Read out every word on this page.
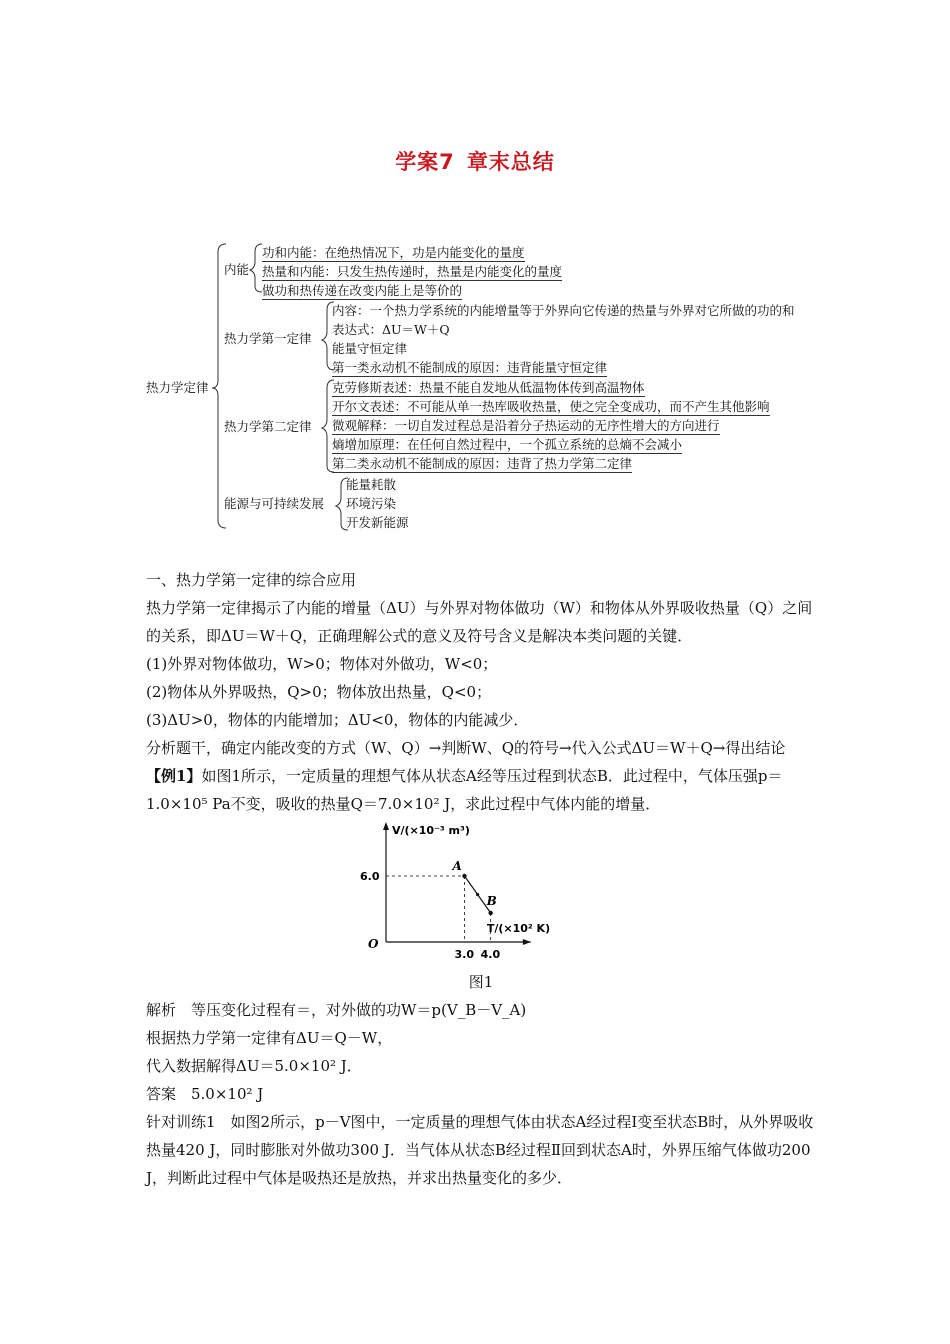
学案7 章末总结
热力学定律
内能
功和内能：在绝热情况下，功是内能变化的量度
热量和内能：只发生热传递时，热量是内能变化的量度
做功和热传递在改变内能上是等价的
热力学第一定律
内容：一个热力学系统的内能增量等于外界向它传递的热量与外界对它所做的功的和
表达式：ΔU＝W＋Q
能量守恒定律
第一类永动机不能制成的原因：违背能量守恒定律
热力学第二定律
克劳修斯表述：热量不能自发地从低温物体传到高温物体
开尔文表述：不可能从单一热库吸收热量，使之完全变成功，而不产生其他影响
微观解释：一切自发过程总是沿着分子热运动的无序性增大的方向进行
熵增加原理：在任何自然过程中，一个孤立系统的总熵不会减小
第二类永动机不能制成的原因：违背了热力学第二定律
能源与可持续发展
能量耗散
环境污染
开发新能源

一、热力学第一定律的综合应用

热力学第一定律揭示了内能的增量（ΔU）与外界对物体做功（W）和物体从外界吸收热量（Q）之间的关系，即ΔU＝W＋Q，正确理解公式的意义及符号含义是解决本类问题的关键．

(1)外界对物体做功，W>0；物体对外做功，W<0；

(2)物体从外界吸热，Q>0；物体放出热量，Q<0；

(3)ΔU>0，物体的内能增加；ΔU<0，物体的内能减少．

分析题干，确定内能改变的方式（W、Q）→判断W、Q的符号→代入公式ΔU＝W＋Q→得出结论

【例1】如图1所示，一定质量的理想气体从状态A经等压过程到状态B．此过程中，气体压强p＝1.0×10⁵ Pa不变，吸收的热量Q＝7.0×10² J，求此过程中气体内能的增量．

V/(×10⁻³ m³)
T/(×10² K)
O
A
B
6.0
3.0 4.0

图1

解析　等压变化过程有＝，对外做的功W＝p(V_B－V_A)

根据热力学第一定律有ΔU＝Q－W，

代入数据解得ΔU＝5.0×10² J．

答案　5.0×10² J

针对训练1　如图2所示，p－V图中，一定质量的理想气体由状态A经过程Ⅰ变至状态B时，从外界吸收热量420 J，同时膨胀对外做功300 J．当气体从状态B经过程Ⅱ回到状态A时，外界压缩气体做功200 J，判断此过程中气体是吸热还是放热，并求出热量变化的多少．
